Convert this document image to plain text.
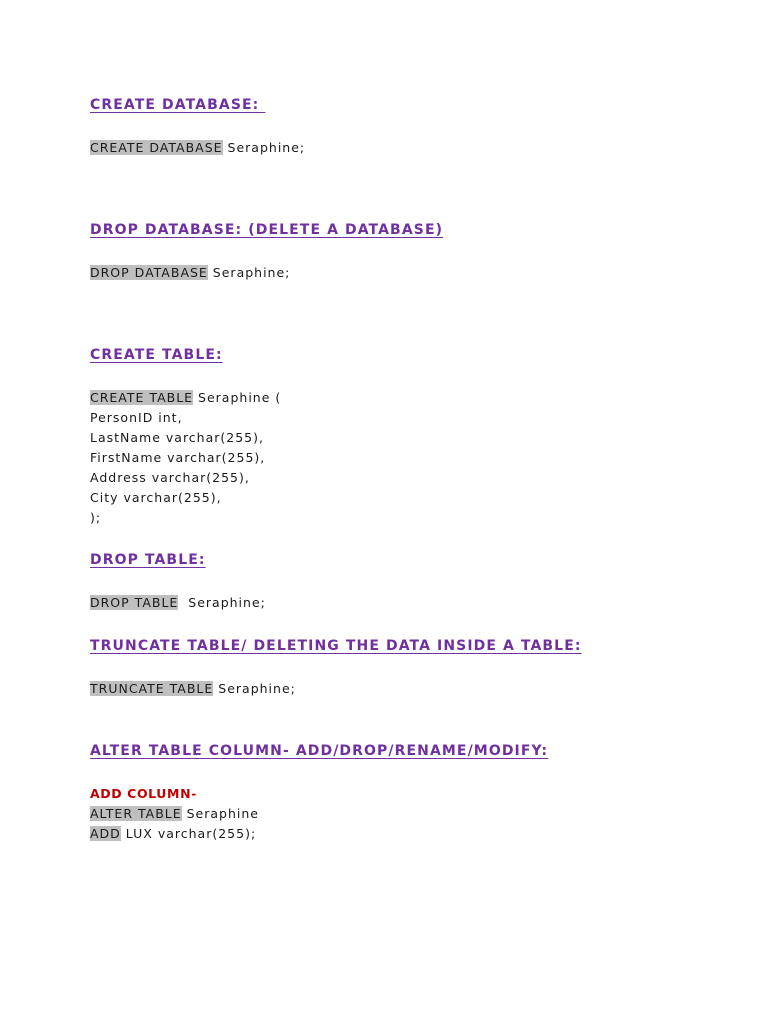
CREATE DATABASE:

CREATE DATABASE Seraphine;

DROP DATABASE: (DELETE A DATABASE)

DROP DATABASE Seraphine;

CREATE TABLE:

CREATE TABLE Seraphine (

PersonID int,

LastName varchar(255),

FirstName varchar(255),

Address varchar(255),

City varchar(255),

);

DROP TABLE:

DROP TABLE  Seraphine;

TRUNCATE TABLE/ DELETING THE DATA INSIDE A TABLE:

TRUNCATE TABLE Seraphine;

ALTER TABLE COLUMN- ADD/DROP/RENAME/MODIFY:

ADD COLUMN-

ALTER TABLE Seraphine

ADD LUX varchar(255);
